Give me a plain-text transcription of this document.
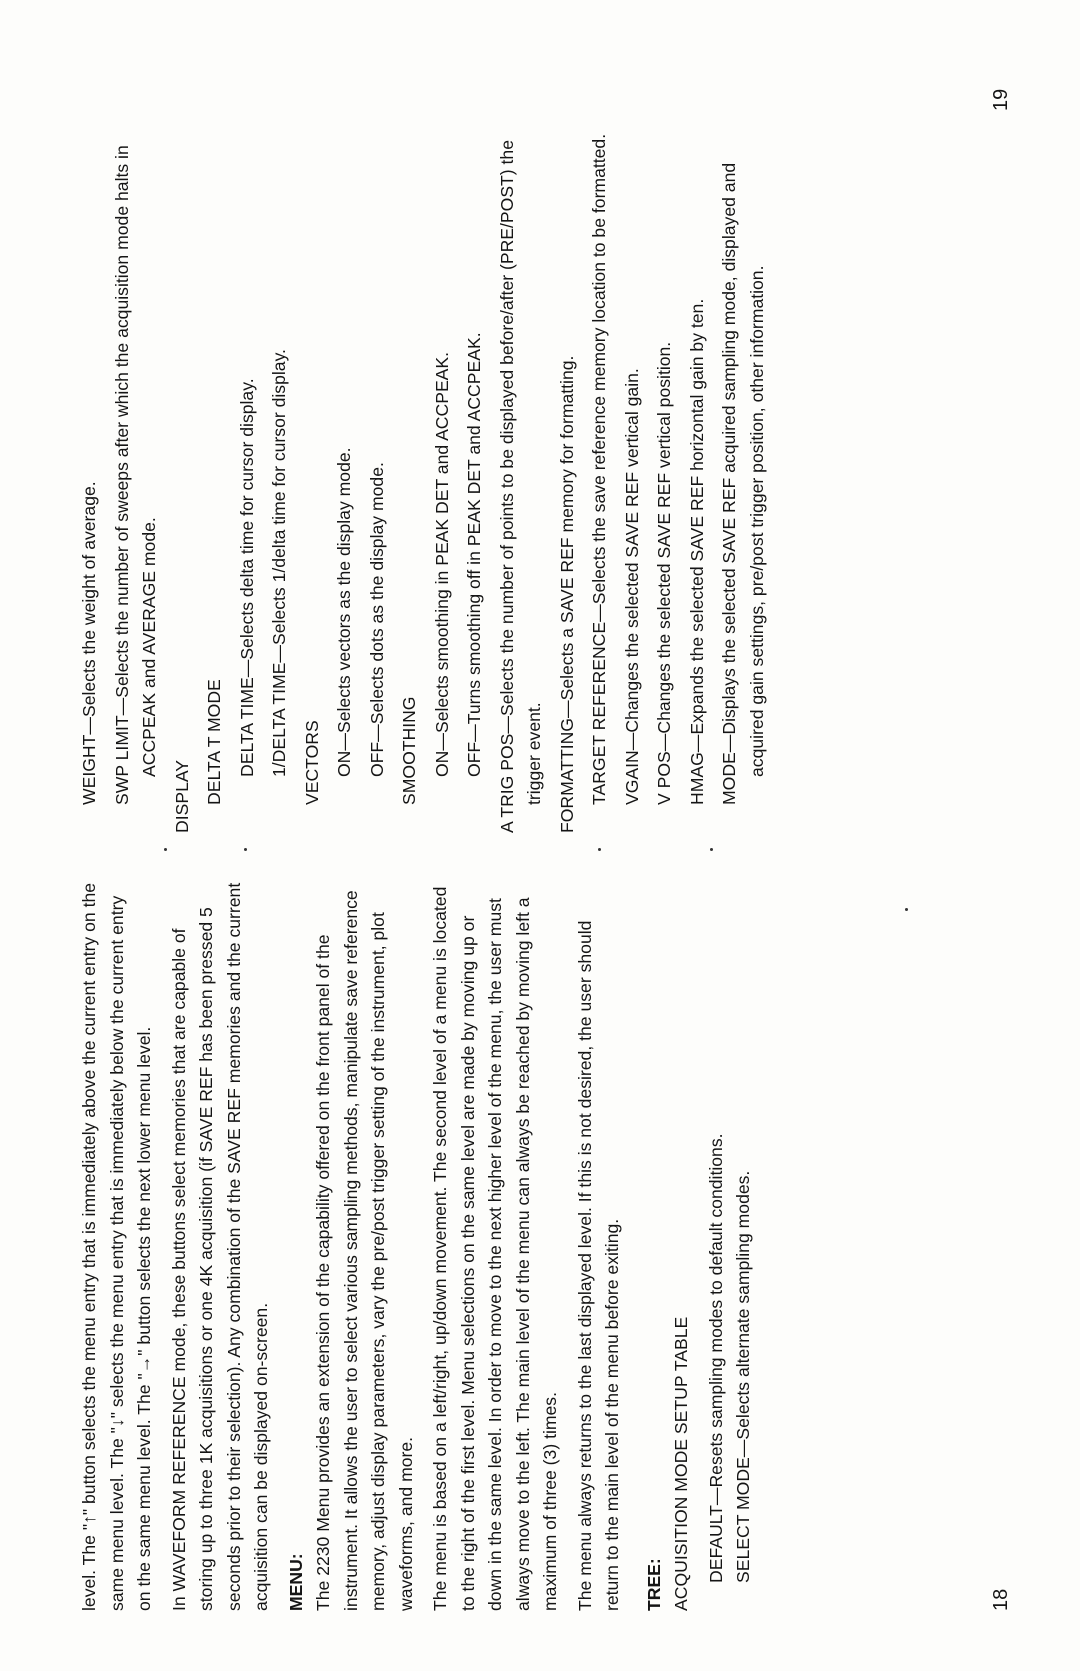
level. The "↑" button selects the menu entry that is immediately above the current entry on the same menu level. The "↓" selects the menu entry that is immediately below the current entry on the same menu level. The "→" button selects the next lower menu level. In WAVEFORM REFERENCE mode, these buttons select memories that are capable of storing up to three 1K acquisitions or one 4K acquisition (if SAVE REF has been pressed 5 seconds prior to their selection). Any combination of the SAVE REF memories and the current acquisition can be displayed on-screen. MENU: The 2230 Menu provides an extension of the capability offered on the front panel of the instrument. It allows the user to select various sampling methods, manipulate save reference memory, adjust display parameters, vary the pre/post trigger setting of the instrument, plot waveforms, and more. The menu is based on a left/right, up/down movement. The second level of a menu is located to the right of the first level. Menu selections on the same level are made by moving up or down in the same level. In order to move to the next higher level of the menu, the user must always move to the left. The main level of the menu can always be reached by moving left a maximum of three (3) times. The menu always returns to the last displayed level. If this is not desired, the user should return to the main level of the menu before exiting. TREE: ACQUISITION MODE SETUP TABLE DEFAULT—Resets sampling modes to default conditions. SELECT MODE—Selects alternate sampling modes.

18

WEIGHT—Selects the weight of average. SWP LIMIT—Selects the number of sweeps after which the acquisition mode halts in ACCPEAK and AVERAGE mode.

DISPLAY DELTA T MODE DELTA TIME—Selects delta time for cursor display. 1/DELTA TIME—Selects 1/delta time for cursor display. VECTORS ON—Selects vectors as the display mode. OFF—Selects dots as the display mode. SMOOTHING ON—Selects smoothing in PEAK DET and ACCPEAK. OFF—Turns smoothing off in PEAK DET and ACCPEAK. A TRIG POS—Selects the number of points to be displayed before/after (PRE/POST) the trigger event. FORMATTING—Selects a SAVE REF memory for formatting. TARGET REFERENCE—Selects the save reference memory location to be formatted. VGAIN—Changes the selected SAVE REF vertical gain. V POS—Changes the selected SAVE REF vertical position. HMAG—Expands the selected SAVE REF horizontal gain by ten. MODE—Displays the selected SAVE REF acquired sampling mode, displayed and acquired gain settings, pre/post trigger position, other information.

19
